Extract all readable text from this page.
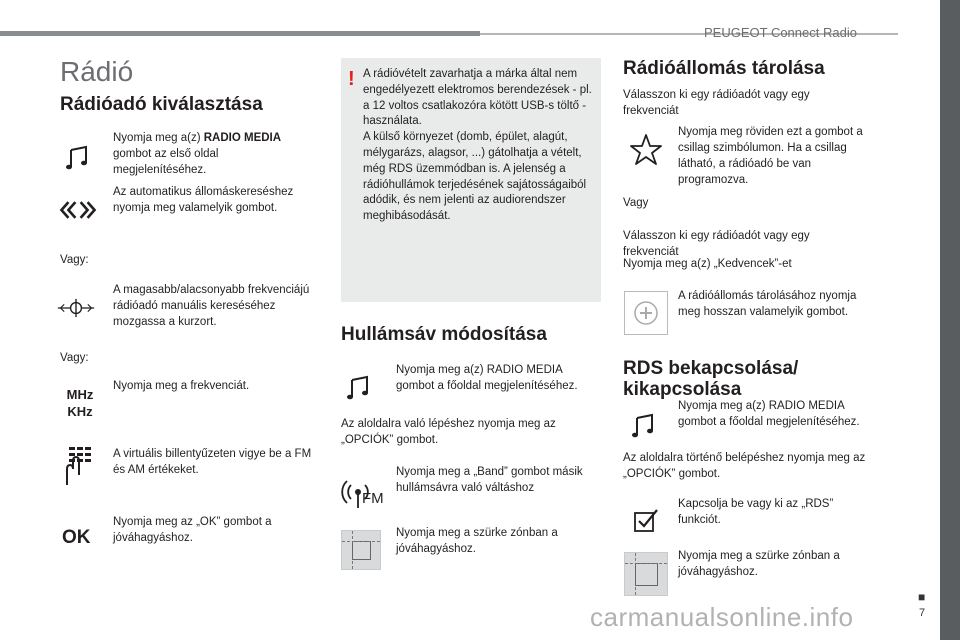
PEUGEOT Connect Radio
■
7
Rádió
Rádióadó kiválasztása
Nyomja meg a(z) RADIO MEDIA gombot az első oldal megjelenítéséhez.
Az automatikus állomáskereséshez nyomja meg valamelyik gombot.
Vagy:
A magasabb/alacsonyabb frekvenciájú rádióadó manuális kereséséhez mozgassa a kurzort.
Vagy:
MHz
KHz
Nyomja meg a frekvenciát.
A virtuális billentyűzeten vigye be a FM és AM értékeket.
OK
Nyomja meg az „OK” gombot a jóváhagyáshoz.
! A rádióvételt zavarhatja a márka által nem engedélyezett elektromos berendezések - pl. a 12 voltos csatlakozóra kötött USB-s töltő -használata.
A külső környezet (domb, épület, alagút, mélygarázs, alagsor, ...) gátolhatja a vételt, még RDS üzemmódban is. A jelenség a rádióhullámok terjedésének sajátosságaiból adódik, és nem jelenti az audiorendszer meghibásodását.
Hullámsáv módosítása
Nyomja meg a(z) RADIO MEDIA gombot a főoldal megjelenítéséhez.
Az aloldalra való lépéshez nyomja meg az „OPCIÓK” gombot.
FM
Nyomja meg a „Band” gombot másik hullámsávra való váltáshoz
Nyomja meg a szürke zónban a jóváhagyáshoz.
Rádióállomás tárolása
Válasszon ki egy rádióadót vagy egy frekvenciát
Nyomja meg röviden ezt a gombot a csillag szimbólumon. Ha a csillag látható, a rádióadó be van programozva.
Vagy
Válasszon ki egy rádióadót vagy egy frekvenciát
Nyomja meg a(z) „Kedvencek”-et
A rádióállomás tárolásához nyomja meg hosszan valamelyik gombot.
RDS bekapcsolása/
kikapcsolása
Nyomja meg a(z) RADIO MEDIA gombot a főoldal megjelenítéséhez.
Az aloldalra történő belépéshez nyomja meg az „OPCIÓK” gombot.
Kapcsolja be vagy ki az „RDS” funkciót.
Nyomja meg a szürke zónban a jóváhagyáshoz.
carmanualsonline.info
